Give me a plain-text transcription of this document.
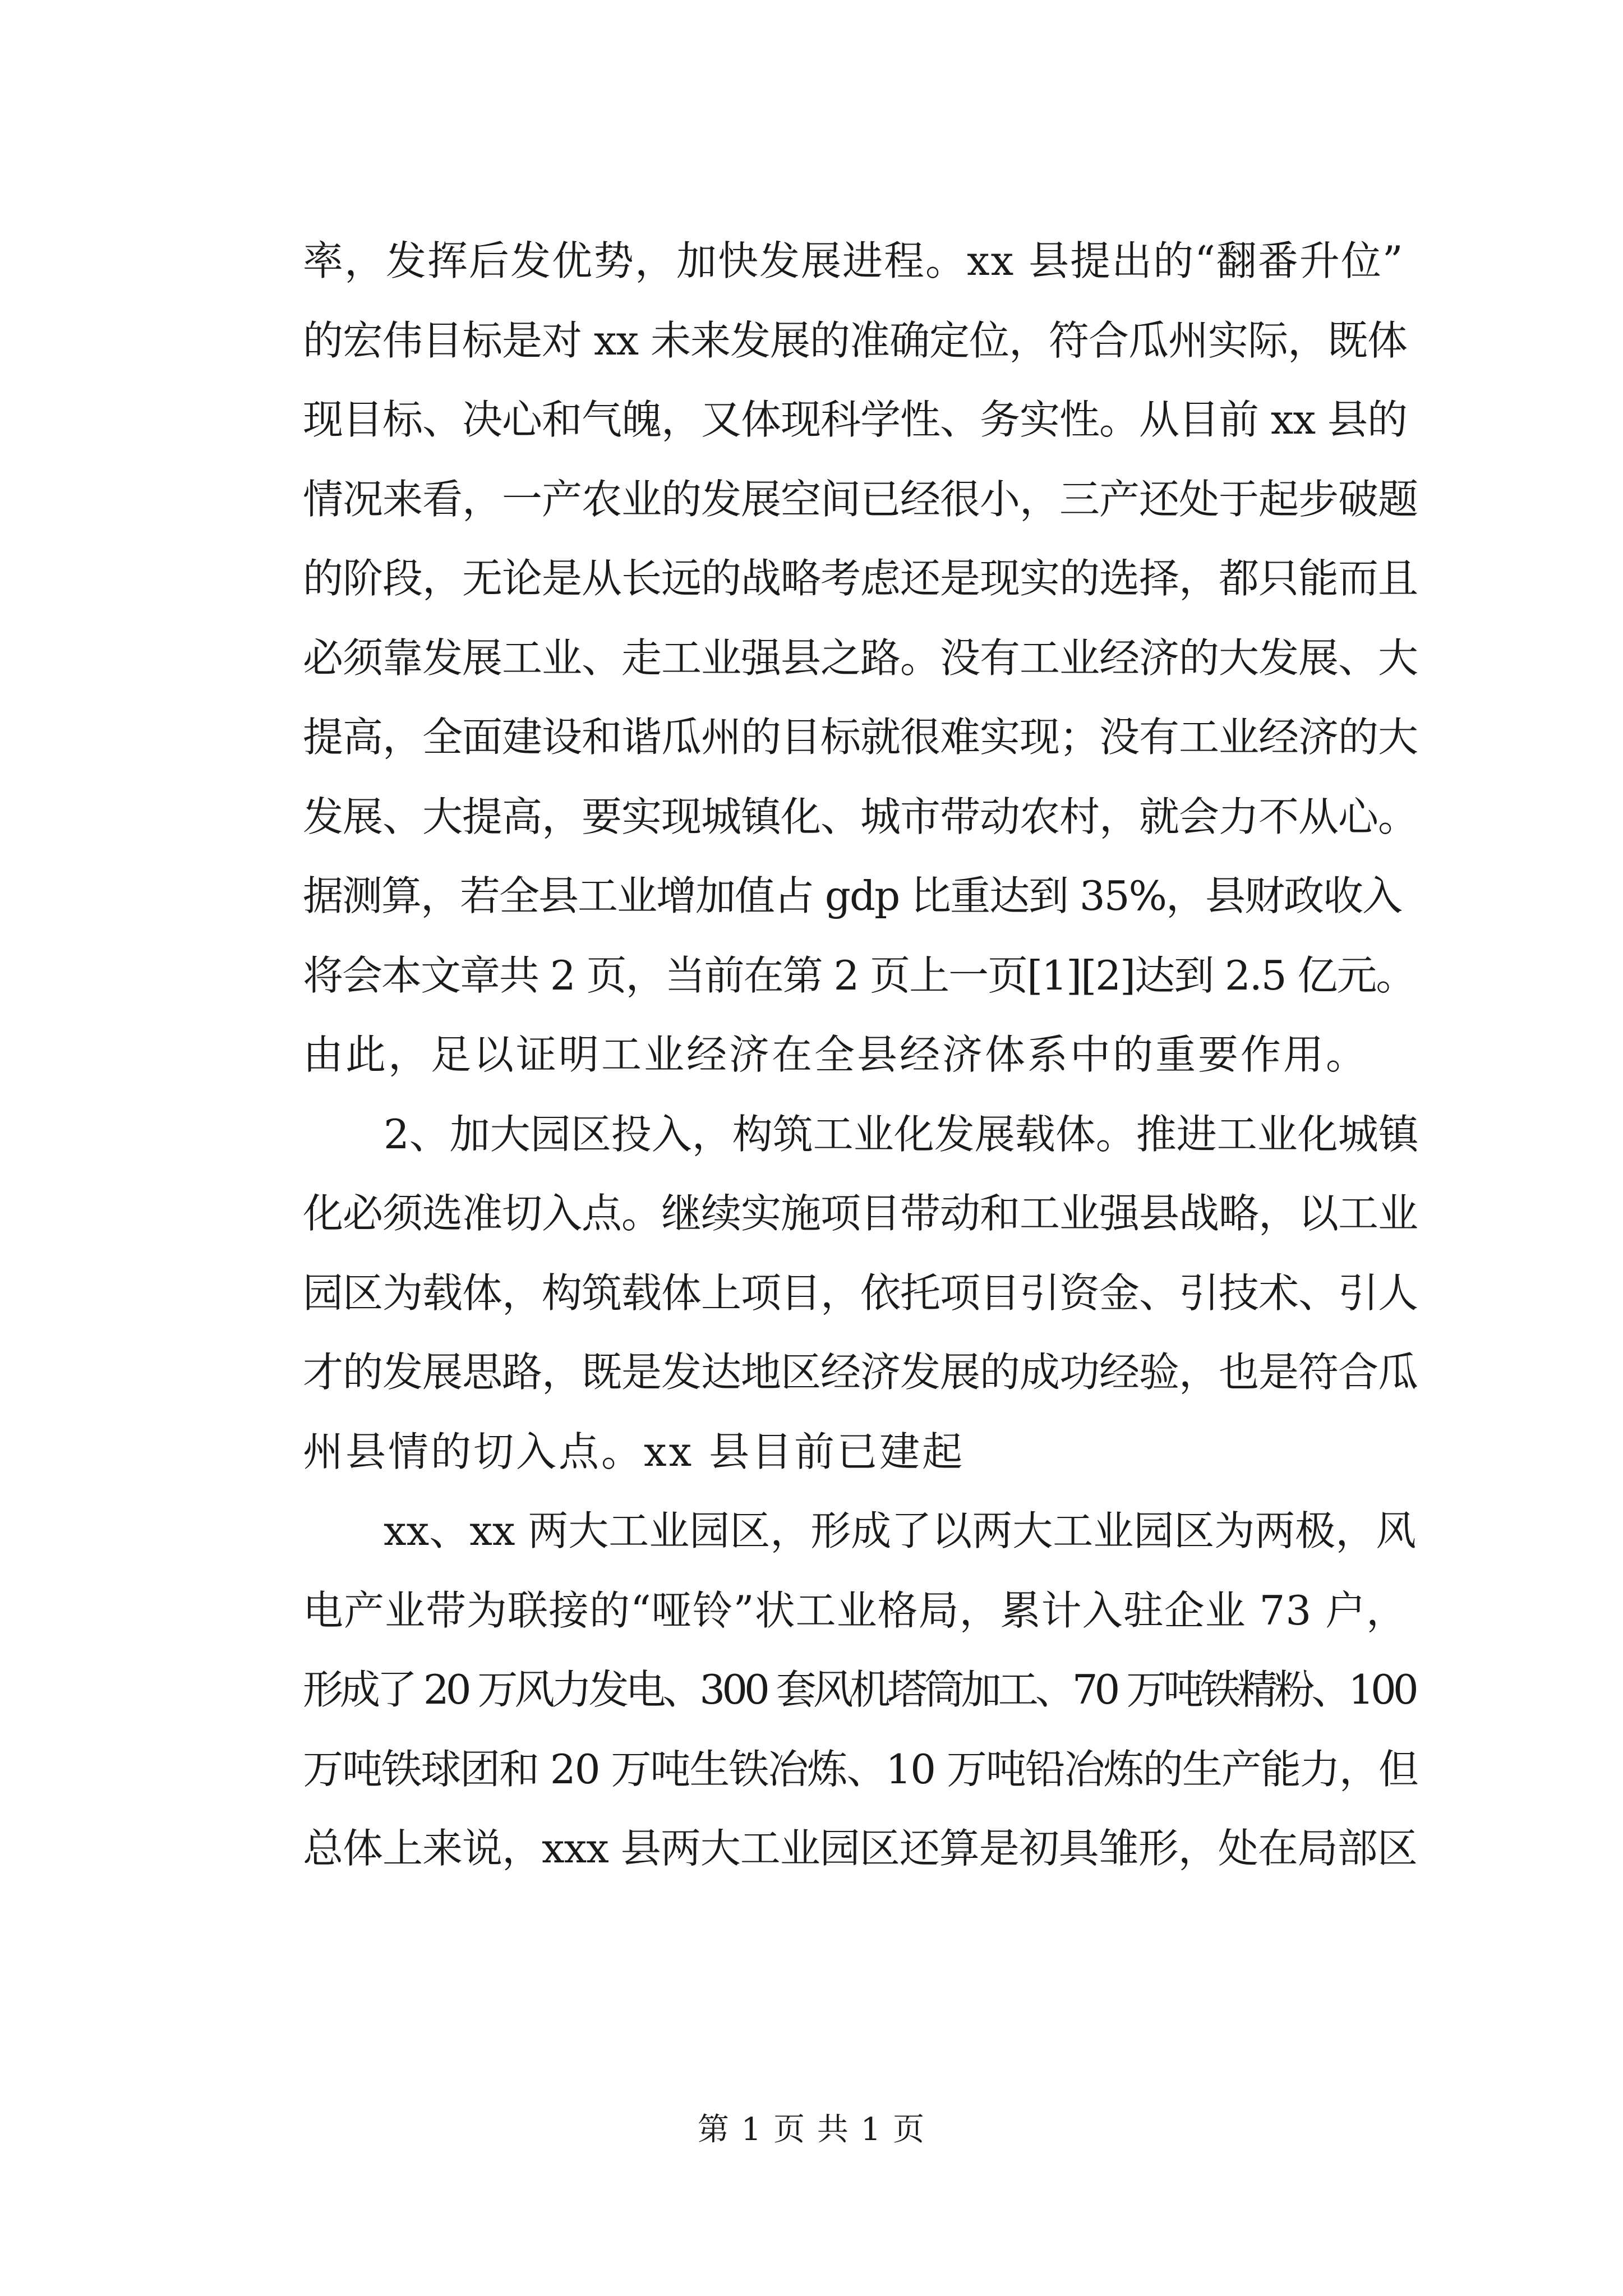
率，发挥后发优势，加快发展进程。xx 县提出的“翻番升位”
的宏伟目标是对 xx 未来发展的准确定位，符合瓜州实际，既体
现目标、决心和气魄，又体现科学性、务实性。从目前 xx 县的
情况来看，一产农业的发展空间已经很小，三产还处于起步破题
的阶段，无论是从长远的战略考虑还是现实的选择，都只能而且
必须靠发展工业、走工业强县之路。没有工业经济的大发展、大
提高，全面建设和谐瓜州的目标就很难实现；没有工业经济的大
发展、大提高，要实现城镇化、城市带动农村，就会力不从心。
据测算，若全县工业增加值占 gdp 比重达到 35%，县财政收入
将会本文章共 2 页，当前在第 2 页上一页[1][2]达到 2.5 亿元。
由此，足以证明工业经济在全县经济体系中的重要作用。
　　2、加大园区投入，构筑工业化发展载体。推进工业化城镇
化必须选准切入点。继续实施项目带动和工业强县战略，以工业
园区为载体，构筑载体上项目，依托项目引资金、引技术、引人
才的发展思路，既是发达地区经济发展的成功经验，也是符合瓜
州县情的切入点。xx 县目前已建起
　　xx、xx 两大工业园区，形成了以两大工业园区为两极，风
电产业带为联接的“哑铃”状工业格局，累计入驻企业 73 户，
形成了 20 万风力发电、300 套风机塔筒加工、70 万吨铁精粉、100
万吨铁球团和 20 万吨生铁冶炼、10 万吨铅冶炼的生产能力，但
总体上来说，xxx 县两大工业园区还算是初具雏形，处在局部区
第 1 页 共 1 页
